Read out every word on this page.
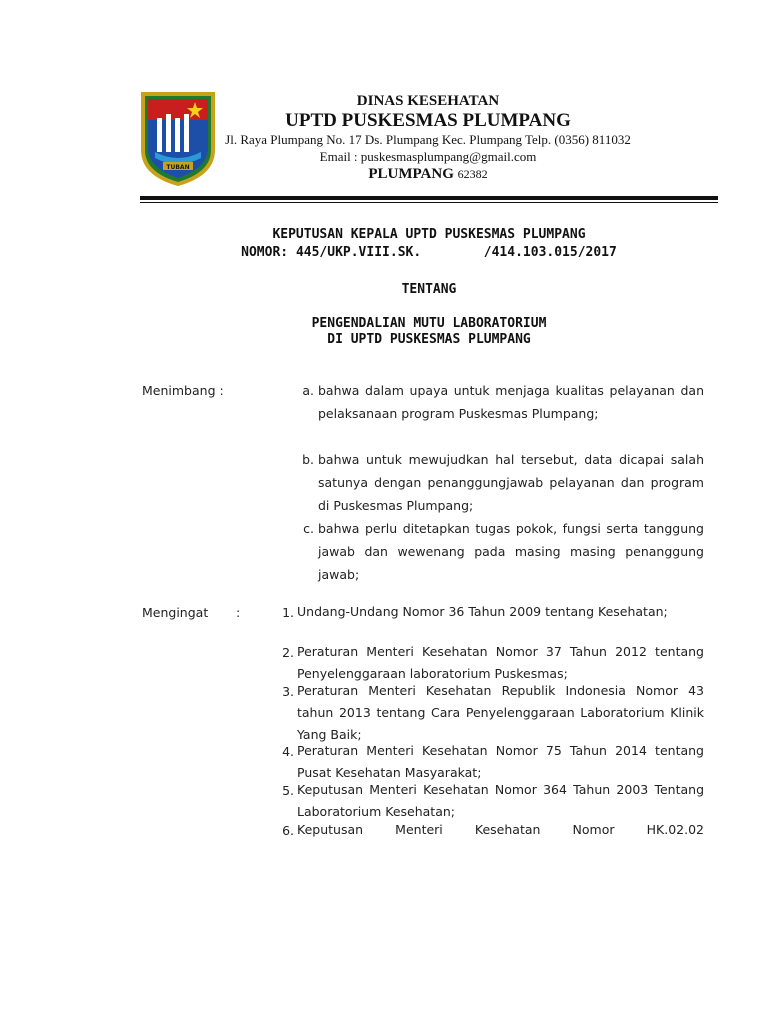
TUBAN
DINAS KESEHATAN
UPTD PUSKESMAS PLUMPANG
Jl. Raya Plumpang No. 17 Ds. Plumpang Kec. Plumpang Telp. (0356) 811032
Email : puskesmasplumpang@gmail.com
PLUMPANG 62382
KEPUTUSAN KEPALA UPTD PUSKESMAS PLUMPANG
NOMOR: 445/UKP.VIII.SK.        /414.103.015/2017
TENTANG
PENGENDALIAN MUTU LABORATORIUM
DI UPTD PUSKESMAS PLUMPANG
Menimbang :	a. bahwa dalam upaya untuk menjaga kualitas pelayanan dan pelaksanaan program Puskesmas Plumpang;
b. bahwa untuk mewujudkan hal tersebut, data dicapai salah satunya dengan penanggungjawab pelayanan dan program di Puskesmas Plumpang;
c. bahwa perlu ditetapkan tugas pokok, fungsi serta tanggung jawab dan wewenang pada masing masing penanggung jawab;
Mengingat :	1. Undang-Undang Nomor 36 Tahun 2009 tentang Kesehatan;
2. Peraturan Menteri Kesehatan Nomor 37 Tahun 2012 tentang Penyelenggaraan laboratorium Puskesmas;
3. Peraturan Menteri Kesehatan Republik Indonesia Nomor 43 tahun 2013 tentang Cara Penyelenggaraan Laboratorium Klinik Yang Baik;
4. Peraturan Menteri Kesehatan Nomor 75 Tahun 2014 tentang Pusat Kesehatan Masyarakat;
5. Keputusan Menteri Kesehatan Nomor 364 Tahun 2003 Tentang Laboratorium Kesehatan;
6. Keputusan Menteri Kesehatan Nomor HK.02.02
